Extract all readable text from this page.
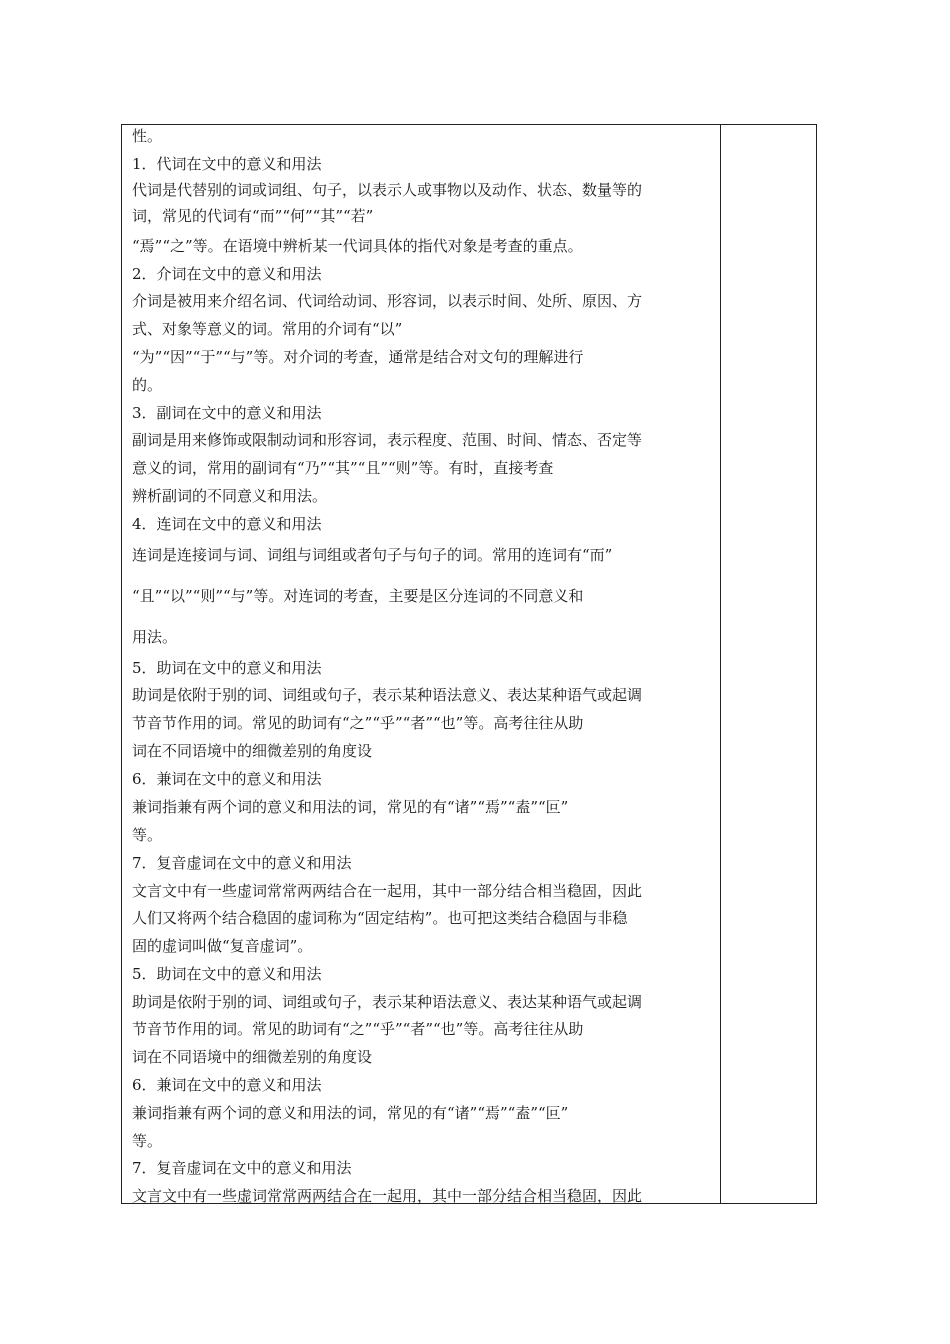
性。
1．代词在文中的意义和用法
代词是代替别的词或词组、句子，以表示人或事物以及动作、状态、数量等的
词，常见的代词有“而”“何”“其”“若”
“焉”“之”等。在语境中辨析某一代词具体的指代对象是考查的重点。
2．介词在文中的意义和用法
介词是被用来介绍名词、代词给动词、形容词，以表示时间、处所、原因、方
式、对象等意义的词。常用的介词有“以”
“为”“因”“于”“与”等。对介词的考查，通常是结合对文句的理解进行
的。
3．副词在文中的意义和用法
副词是用来修饰或限制动词和形容词，表示程度、范围、时间、情态、否定等
意义的词，常用的副词有“乃”“其”“且”“则”等。有时，直接考查
辨析副词的不同意义和用法。
4．连词在文中的意义和用法
连词是连接词与词、词组与词组或者句子与句子的词。常用的连词有“而”
“且”“以”“则”“与”等。对连词的考查，主要是区分连词的不同意义和
用法。
5．助词在文中的意义和用法
助词是依附于别的词、词组或句子，表示某种语法意义、表达某种语气或起调
节音节作用的词。常见的助词有“之”“乎”“者”“也”等。高考往往从助
词在不同语境中的细微差别的角度设
6．兼词在文中的意义和用法
兼词指兼有两个词的意义和用法的词，常见的有“诸”“焉”“盍”“叵”
等。
7．复音虚词在文中的意义和用法
文言文中有一些虚词常常两两结合在一起用，其中一部分结合相当稳固，因此
人们又将两个结合稳固的虚词称为“固定结构”。也可把这类结合稳固与非稳
固的虚词叫做“复音虚词”。
5．助词在文中的意义和用法
助词是依附于别的词、词组或句子，表示某种语法意义、表达某种语气或起调
节音节作用的词。常见的助词有“之”“乎”“者”“也”等。高考往往从助
词在不同语境中的细微差别的角度设
6．兼词在文中的意义和用法
兼词指兼有两个词的意义和用法的词，常见的有“诸”“焉”“盍”“叵”
等。
7．复音虚词在文中的意义和用法
文言文中有一些虚词常常两两结合在一起用，其中一部分结合相当稳固，因此
